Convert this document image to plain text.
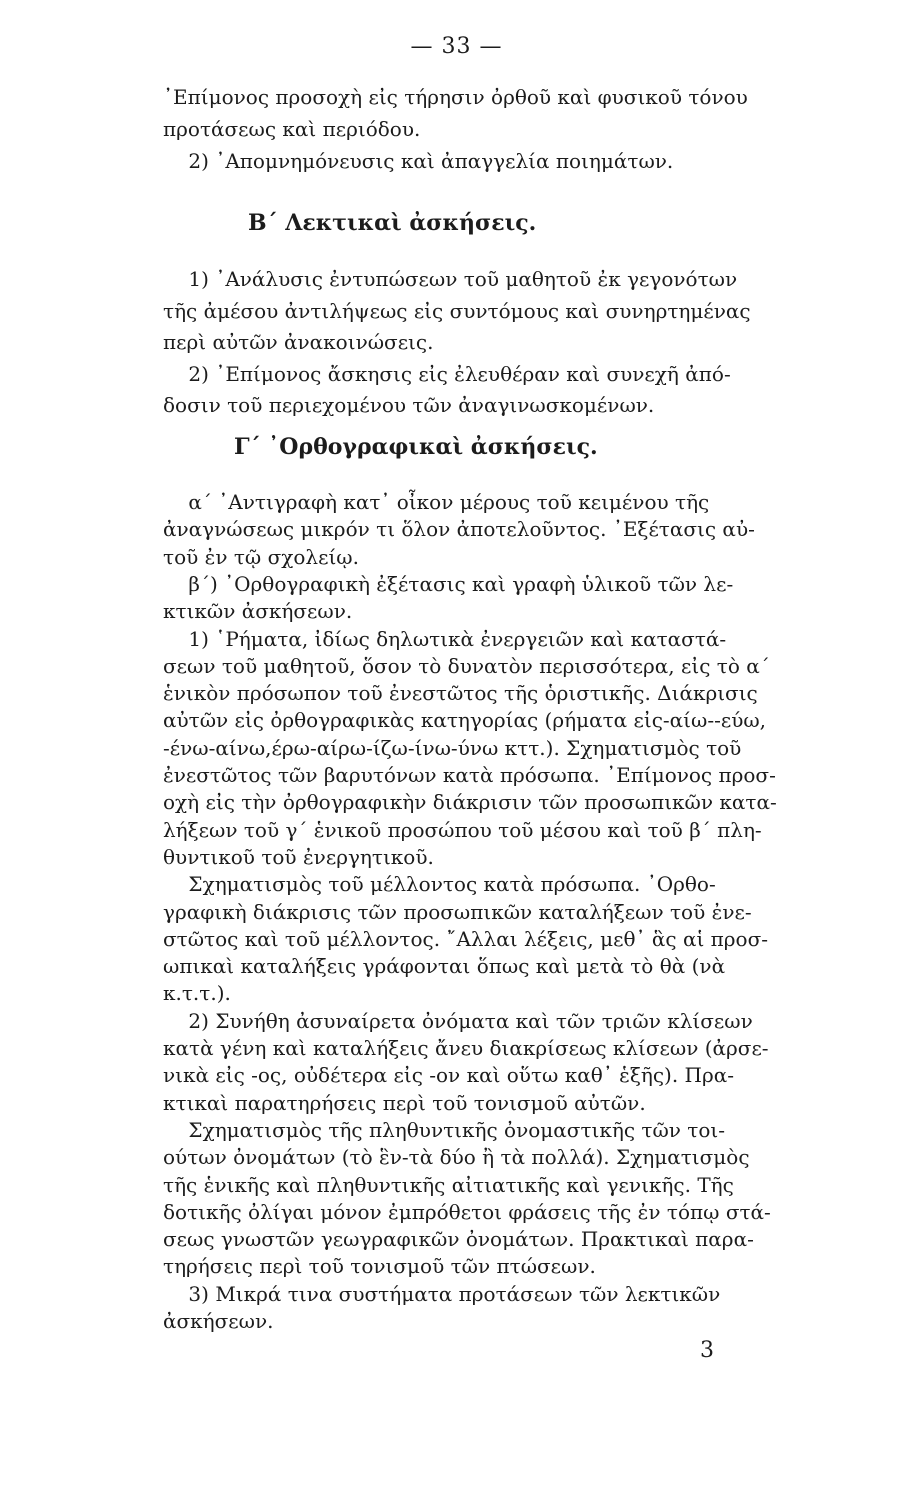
— 33 —
᾿Επίμονος προσοχὴ εἰς τήρησιν ὀρθοῦ καὶ φυσικοῦ τόνου
προτάσεως καὶ περιόδου.
2) ᾿Απομνημόνευσις καὶ ἀπαγγελία ποιημάτων.
Β΄ Λεκτικαὶ ἀσκήσεις.
1) ᾿Ανάλυσις ἐντυπώσεων τοῦ μαθητοῦ ἐκ γεγονότων
τῆς ἀμέσου ἀντιλήψεως εἰς συντόμους καὶ συνηρτημένας
περὶ αὐτῶν ἀνακοινώσεις.
2) ᾿Επίμονος ἄσκησις εἰς ἐλευθέραν καὶ συνεχῆ ἀπό-
δοσιν τοῦ περιεχομένου τῶν ἀναγινωσκομένων.
Γ΄ ᾿Ορθογραφικαὶ ἀσκήσεις.
α΄ ᾿Αντιγραφὴ κατ᾿ οἶκον μέρους τοῦ κειμένου τῆς
ἀναγνώσεως μικρόν τι ὅλον ἀποτελοῦντος. ᾿Εξέτασις αὐ-
τοῦ ἐν τῷ σχολείῳ.
β΄) ᾿Ορθογραφικὴ ἐξέτασις καὶ γραφὴ ὑλικοῦ τῶν λε-
κτικῶν ἀσκήσεων.
1) ῾Ρήματα, ἰδίως δηλωτικὰ ἐνεργειῶν καὶ καταστά-
σεων τοῦ μαθητοῦ, ὅσον τὸ δυνατὸν περισσότερα, εἰς τὸ α΄
ἑνικὸν πρόσωπον τοῦ ἐνεστῶτος τῆς ὁριστικῆς. Διάκρισις
αὐτῶν εἰς ὀρθογραφικὰς κατηγορίας (ρήματα εἰς-αίω--εύω,
-ένω-αίνω,έρω-αίρω-ίζω-ίνω-ύνω κττ.). Σχηματισμὸς τοῦ
ἐνεστῶτος τῶν βαρυτόνων κατὰ πρόσωπα. ᾿Επίμονος προσ-
οχὴ εἰς τὴν ὀρθογραφικὴν διάκρισιν τῶν προσωπικῶν κατα-
λήξεων τοῦ γ΄ ἑνικοῦ προσώπου τοῦ μέσου καὶ τοῦ β΄ πλη-
θυντικοῦ τοῦ ἐνεργητικοῦ.
Σχηματισμὸς τοῦ μέλλοντος κατὰ πρόσωπα. ᾿Ορθο-
γραφικὴ διάκρισις τῶν προσωπικῶν καταλήξεων τοῦ ἐνε-
στῶτος καὶ τοῦ μέλλοντος. ῎Αλλαι λέξεις, μεθ᾿ ἃς αἱ προσ-
ωπικαὶ καταλήξεις γράφονται ὅπως καὶ μετὰ τὸ θὰ (νὰ
κ.τ.τ.).
2) Συνήθη ἀσυναίρετα ὀνόματα καὶ τῶν τριῶν κλίσεων
κατὰ γένη καὶ καταλήξεις ἄνευ διακρίσεως κλίσεων (ἀρσε-
νικὰ εἰς -ος, οὐδέτερα εἰς -ον καὶ οὕτω καθ᾿ ἑξῆς). Πρα-
κτικαὶ παρατηρήσεις περὶ τοῦ τονισμοῦ αὐτῶν.
Σχηματισμὸς τῆς πληθυντικῆς ὀνομαστικῆς τῶν τοι-
ούτων ὀνομάτων (τὸ ἓν-τὰ δύο ἢ τὰ πολλά). Σχηματισμὸς
τῆς ἑνικῆς καὶ πληθυντικῆς αἰτιατικῆς καὶ γενικῆς. Τῆς
δοτικῆς ὀλίγαι μόνον ἐμπρόθετοι φράσεις τῆς ἐν τόπῳ στά-
σεως γνωστῶν γεωγραφικῶν ὀνομάτων. Πρακτικαὶ παρα-
τηρήσεις περὶ τοῦ τονισμοῦ τῶν πτώσεων.
3) Μικρά τινα συστήματα προτάσεων τῶν λεκτικῶν
ἀσκήσεων.
3
